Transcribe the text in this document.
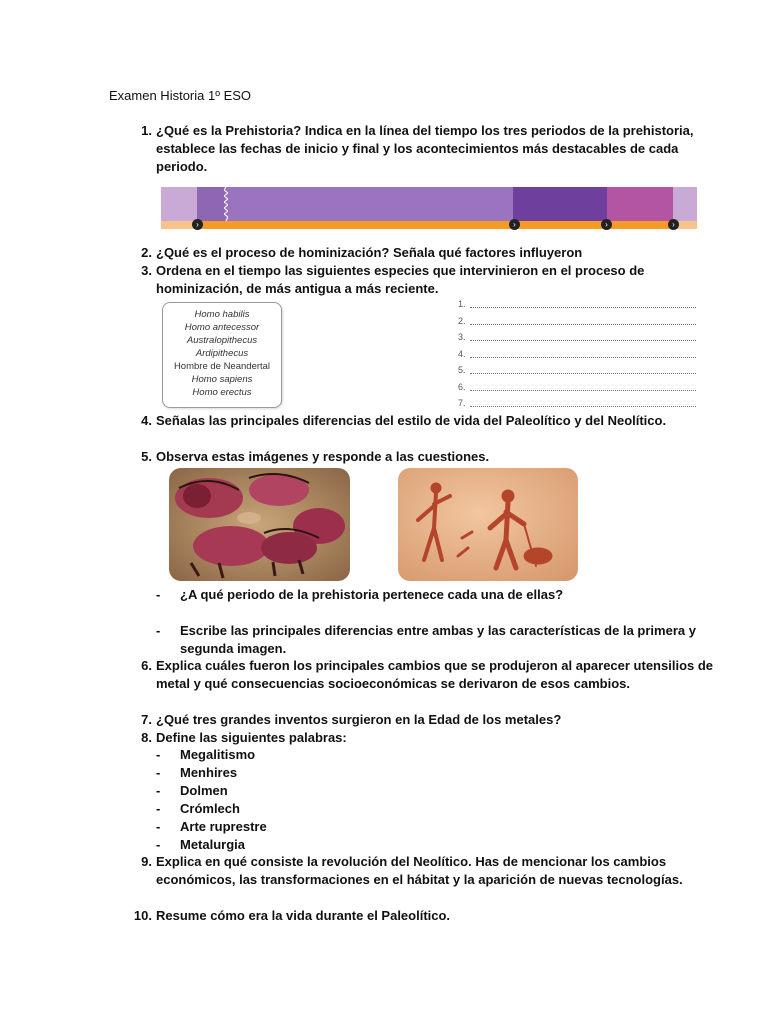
Examen Historia 1º ESO
1. ¿Qué es la Prehistoria? Indica en la línea del tiempo los tres periodos de la prehistoria, establece las fechas de inicio y final y los acontecimientos más destacables de cada periodo.
›	›	›	›
2. ¿Qué es el proceso de hominización? Señala qué factores influyeron
3. Ordena en el tiempo las siguientes especies que intervinieron en el proceso de hominización, de más antigua a más reciente.
Homo habilis
Homo antecessor
Australopithecus
Ardipithecus
Hombre de Neandertal
Homo sapiens
Homo erectus
1.
2.
3.
4.
5.
6.
7.
4. Señalas las principales diferencias del estilo de vida del Paleolítico y del Neolítico.
5. Observa estas imágenes y responde a las cuestiones.
- ¿A qué periodo de la prehistoria pertenece cada una de ellas?
- Escribe las principales diferencias entre ambas y las características de la primera y segunda imagen.
6. Explica cuáles fueron los principales cambios que se produjeron al aparecer utensilios de metal y qué consecuencias socioeconómicas se derivaron de esos cambios.
7. ¿Qué tres grandes inventos surgieron en la Edad de los metales?
8. Define las siguientes palabras:
- Megalitismo
- Menhires
- Dolmen
- Crómlech
- Arte ruprestre
- Metalurgia
9. Explica en qué consiste la revolución del Neolítico. Has de mencionar los cambios económicos, las transformaciones en el hábitat y la aparición de nuevas tecnologías.
10. Resume cómo era la vida durante el Paleolítico.
